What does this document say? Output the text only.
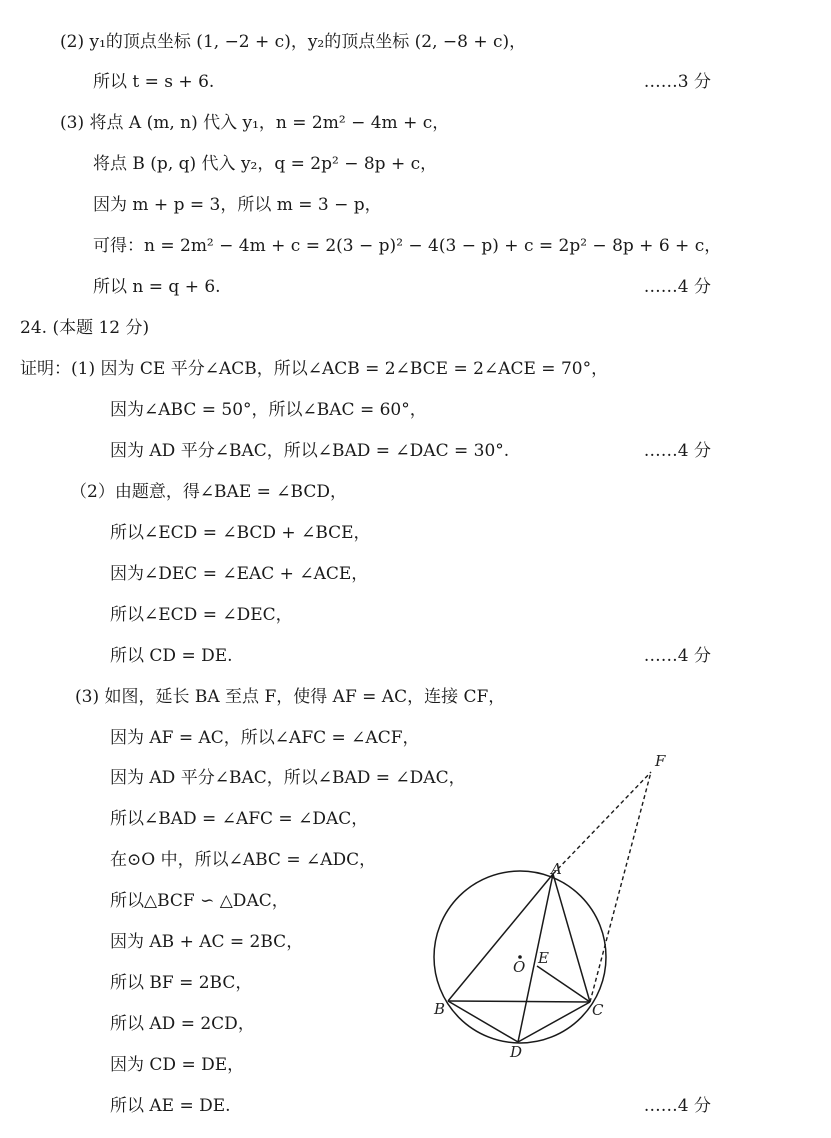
(2) y₁的顶点坐标 (1, −2 + c)，y₂的顶点坐标 (2, −8 + c)，
所以 t = s + 6.	……3 分
(3) 将点 A (m, n) 代入 y₁，n = 2m² − 4m + c，
将点 B (p, q) 代入 y₂，q = 2p² − 8p + c，
因为 m + p = 3，所以 m = 3 − p，
可得：n = 2m² − 4m + c = 2(3 − p)² − 4(3 − p) + c = 2p² − 8p + 6 + c，
所以 n = q + 6.	……4 分
24. (本题 12 分)
证明：(1) 因为 CE 平分∠ACB，所以∠ACB = 2∠BCE = 2∠ACE = 70°，
因为∠ABC = 50°，所以∠BAC = 60°，
因为 AD 平分∠BAC，所以∠BAD = ∠DAC = 30°.	……4 分
（2）由题意，得∠BAE = ∠BCD，
所以∠ECD = ∠BCD + ∠BCE，
因为∠DEC = ∠EAC + ∠ACE，
所以∠ECD = ∠DEC，
所以 CD = DE.	……4 分
(3) 如图，延长 BA 至点 F，使得 AF = AC，连接 CF，
因为 AF = AC，所以∠AFC = ∠ACF，
因为 AD 平分∠BAC，所以∠BAD = ∠DAC，
所以∠BAD = ∠AFC = ∠DAC，
在⊙O 中，所以∠ABC = ∠ADC，
所以△BCF ∽ △DAC，
因为 AB + AC = 2BC，
所以 BF = 2BC，
所以 AD = 2CD，
因为 CD = DE，
所以 AE = DE.	……4 分
A
B	C
D
E
F
O
